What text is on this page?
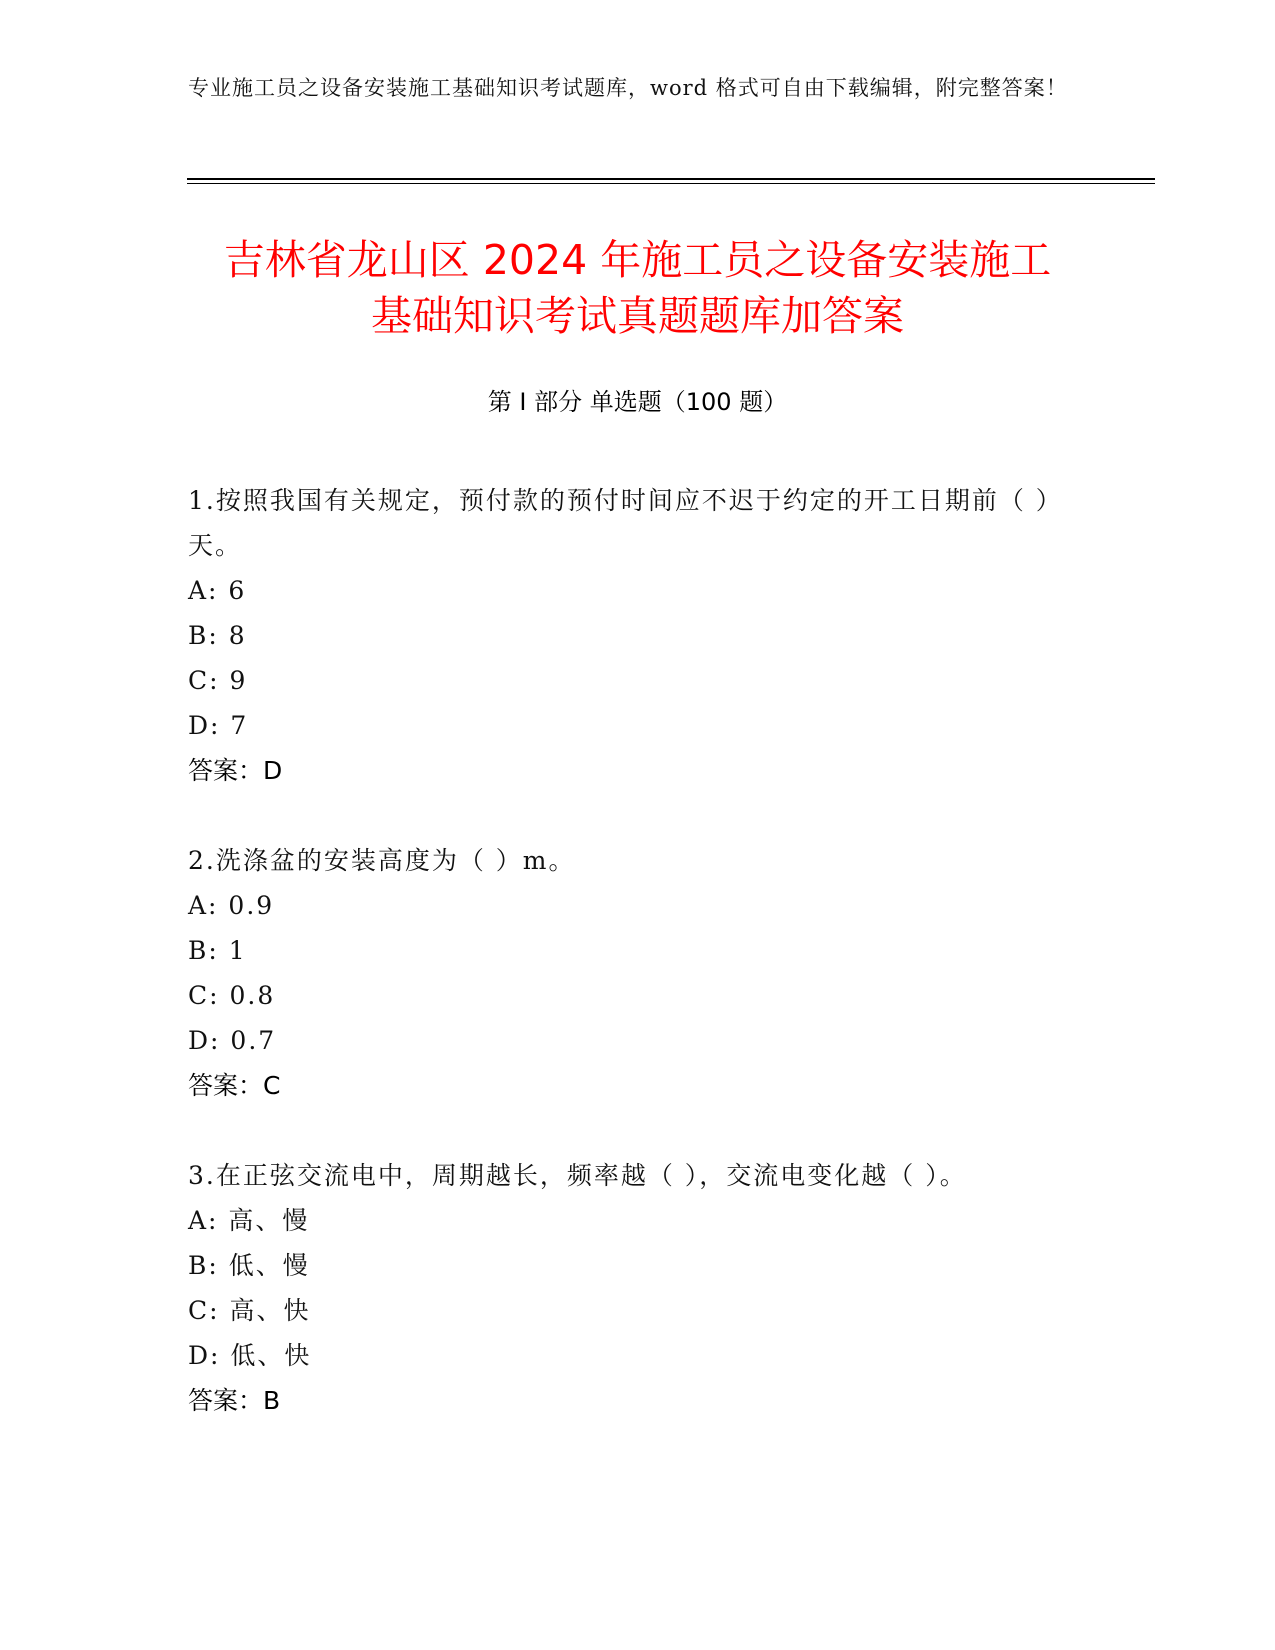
专业施工员之设备安装施工基础知识考试题库，word 格式可自由下载编辑，附完整答案！
吉林省龙山区 2024 年施工员之设备安装施工
基础知识考试真题题库加答案
第 I 部分 单选题（100 题）
1.按照我国有关规定，预付款的预付时间应不迟于约定的开工日期前（ ）天。
A: 6
B: 8
C: 9
D: 7
答案：D
2.洗涤盆的安装高度为（ ）m。
A: 0.9
B: 1
C: 0.8
D: 0.7
答案：C
3.在正弦交流电中，周期越长，频率越（ ），交流电变化越（ ）。
A: 高、慢
B: 低、慢
C: 高、快
D: 低、快
答案：B
